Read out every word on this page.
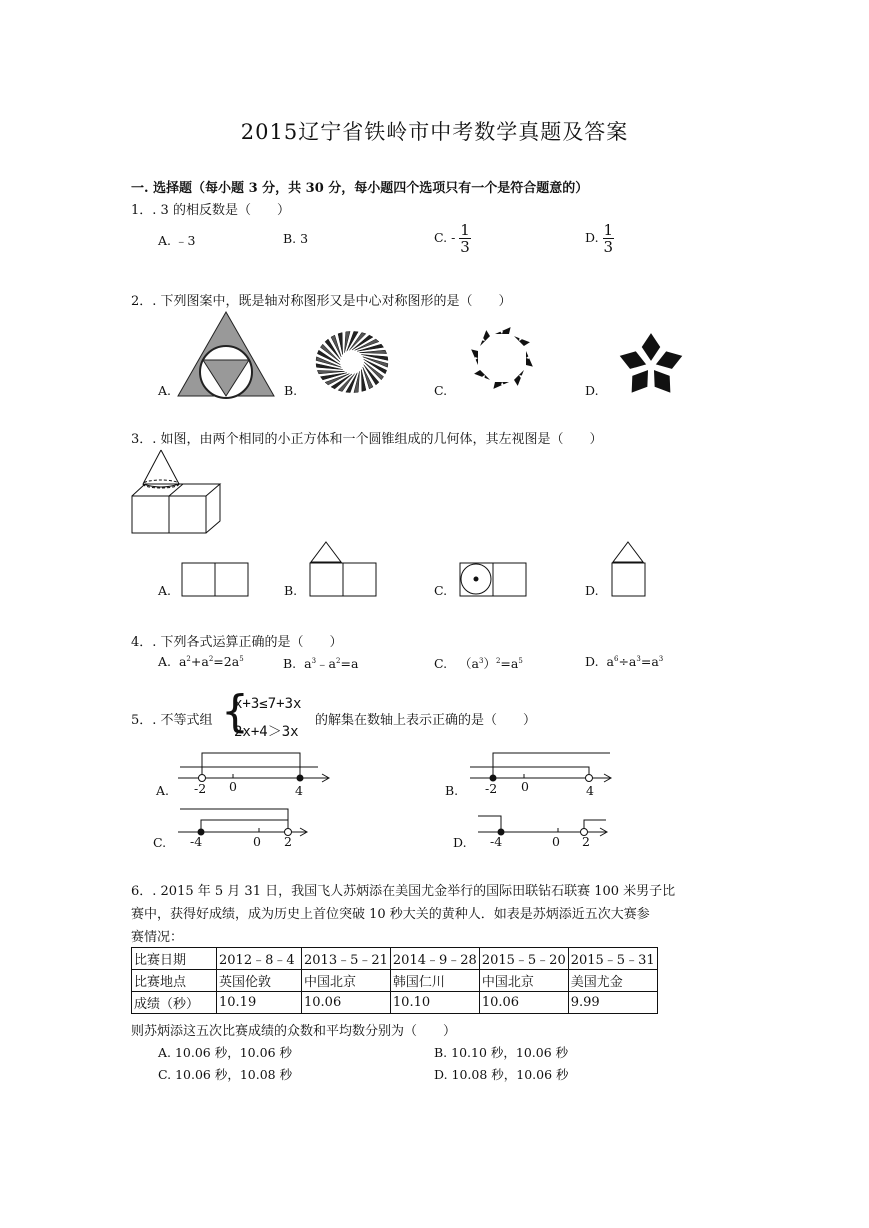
2015辽宁省铁岭市中考数学真题及答案
一. 选择题（每小题 3 分，共 30 分，每小题四个选项只有一个是符合题意的）
1．. 3 的相反数是（　　）
A. ﹣3	B. 3	C. - $\frac{1}{3}$	D. $\frac{1}{3}$
2．. 下列图案中，既是轴对称图形又是中心对称图形的是（　　）
A.	B.	C.	D.
3．. 如图，由两个相同的小正方体和一个圆锥组成的几何体，其左视图是（　　）
A.	B.	C.	D.
4．. 下列各式运算正确的是（　　）
A. $a^2+a^2=2a^5$	B. $a^3﹣a^2=a$	C. $(a^3)^2=a^5$	D. $a^6\div a^3=a^3$
5．. 不等式组 {
x+3≤7+3x
2x+4＞3x
的解集在数轴上表示正确的是（　　）
A.	B.
C.	D.
-2 0	4	-2 0	4
-4	0 2	-4	0 2
6．. 2015 年 5 月 31 日，我国飞人苏炳添在美国尤金举行的国际田联钻石联赛 100 米男子比
赛中，获得好成绩，成为历史上首位突破 10 秒大关的黄种人．如表是苏炳添近五次大赛参
赛情况：
比赛日期	2012﹣8﹣4	2013﹣5﹣21	2014﹣9﹣28	2015﹣5﹣20	2015﹣5﹣31
比赛地点	英国伦敦	中国北京	韩国仁川	中国北京	美国尤金
成绩（秒）	10.19	10.06	10.10	10.06	9.99
则苏炳添这五次比赛成绩的众数和平均数分别为（　　）
A. 10.06 秒，10.06 秒	B. 10.10 秒，10.06 秒
C. 10.06 秒，10.08 秒	D. 10.08 秒，10.06 秒
